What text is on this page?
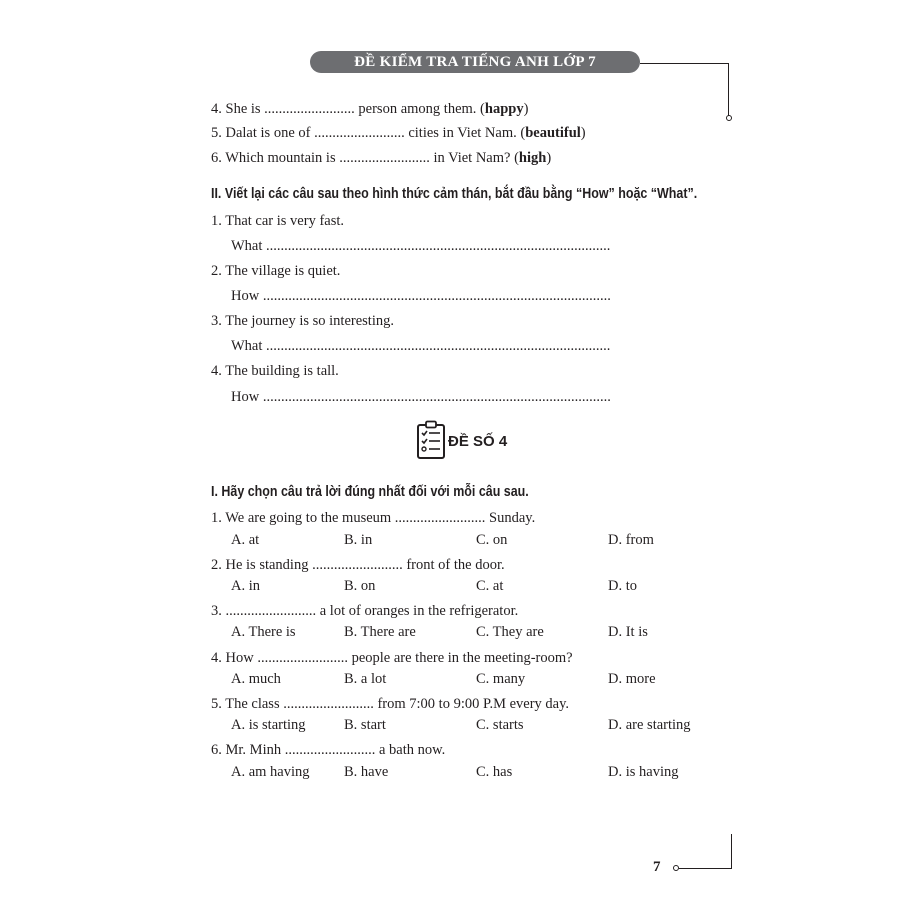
ĐỀ KIỂM TRA TIẾNG ANH LỚP 7
4. She is ......................... person among them. (happy)
5. Dalat is one of ......................... cities in Viet Nam. (beautiful)
6. Which mountain is ......................... in Viet Nam? (high)
II. Viết lại các câu sau theo hình thức cảm thán, bắt đầu bằng “How” hoặc “What”.
1. That car is very fast.
What ...............................................................................................
2. The village is quiet.
How ................................................................................................
3. The journey is so interesting.
What ...............................................................................................
4. The building is tall.
How ................................................................................................
ĐỀ SỐ 4
I. Hãy chọn câu trả lời đúng nhất đối với mỗi câu sau.
1. We are going to the museum ......................... Sunday.
A. at	B. in	C. on	D. from
2. He is standing ......................... front of the door.
A. in	B. on	C. at	D. to
3. ......................... a lot of oranges in the refrigerator.
A. There is	B. There are	C. They are	D. It is
4. How ......................... people are there in the meeting-room?
A. much	B. a lot	C. many	D. more
5. The class ......................... from 7:00 to 9:00 P.M every day.
A. is starting	B. start	C. starts	D. are starting
6. Mr. Minh ......................... a bath now.
A. am having B. have	C. has	D. is having
7
